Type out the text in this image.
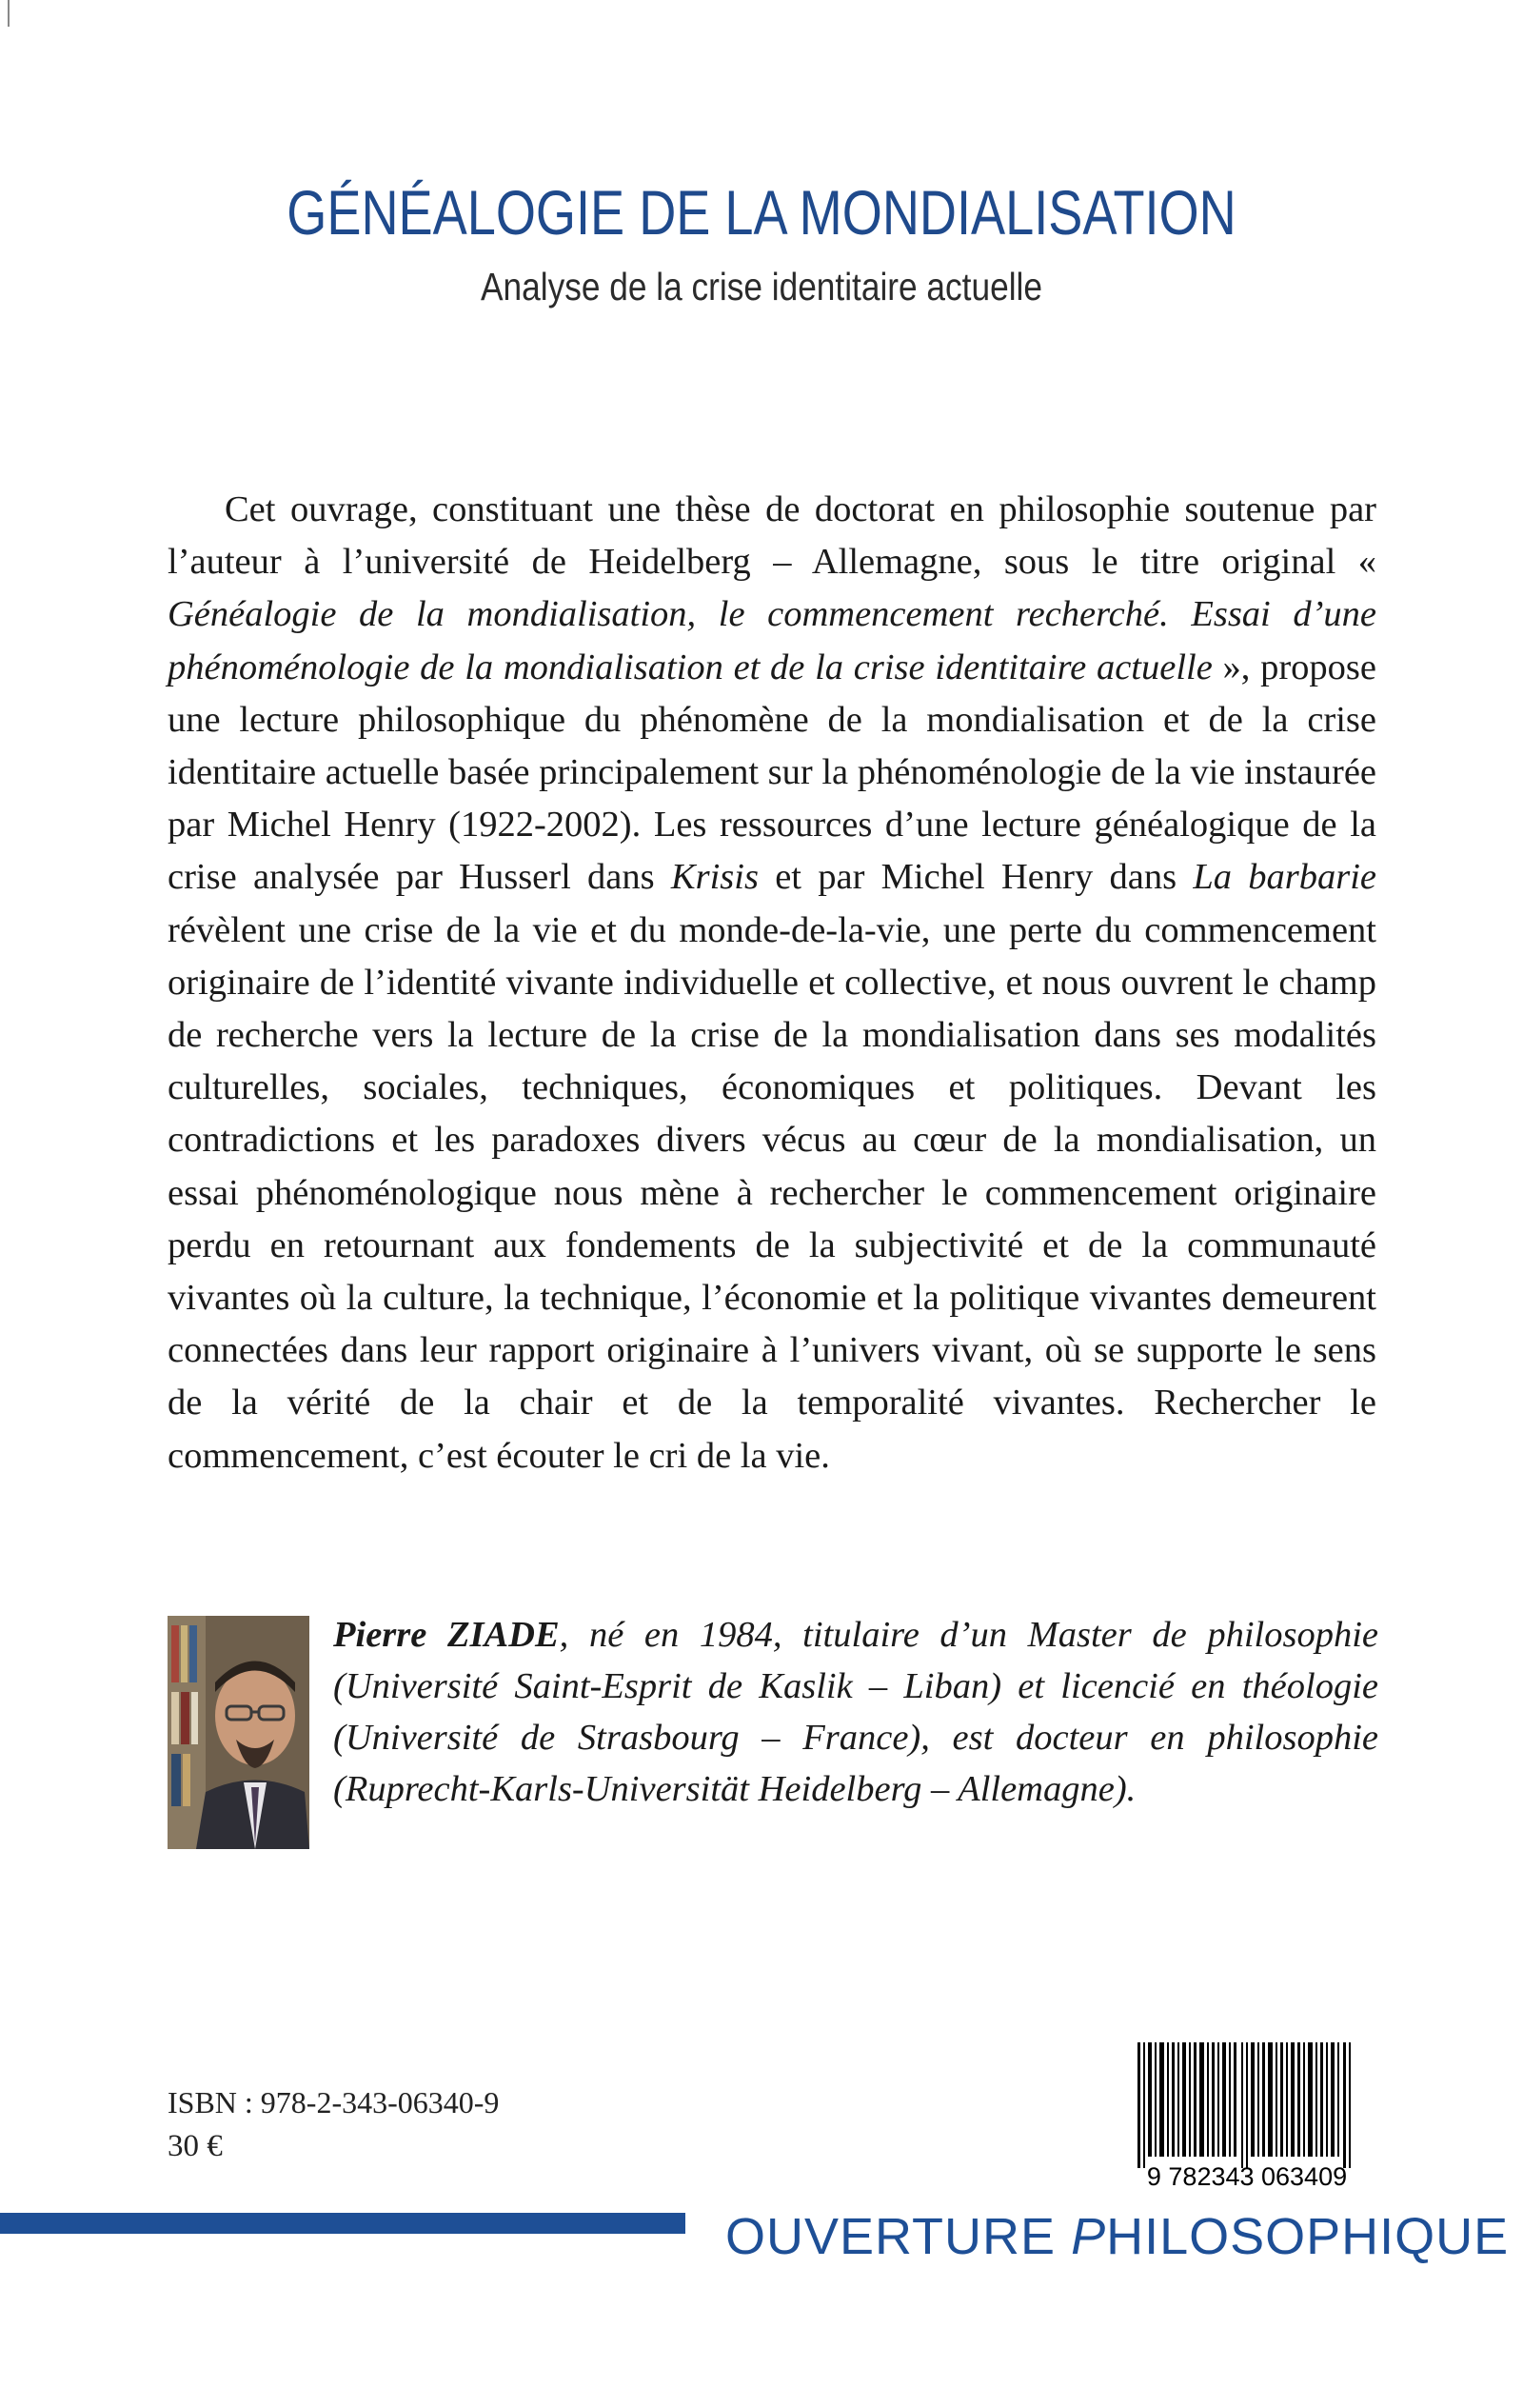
GÉNÉALOGIE DE LA MONDIALISATION
Analyse de la crise identitaire actuelle

Cet ouvrage, constituant une thèse de doctorat en philosophie soutenue par l’auteur à l’université de Heidelberg – Allemagne, sous le titre original « Généalogie de la mondialisation, le commencement recherché. Essai d’une phénoménologie de la mondialisation et de la crise identitaire actuelle », propose une lecture philosophique du phénomène de la mondialisation et de la crise identitaire actuelle basée principalement sur la phénoménologie de la vie instaurée par Michel Henry (1922-2002). Les ressources d’une lecture généalogique de la crise analysée par Husserl dans Krisis et par Michel Henry dans La barbarie révèlent une crise de la vie et du monde-de-la-vie, une perte du commencement originaire de l’identité vivante individuelle et collective, et nous ouvrent le champ de recherche vers la lecture de la crise de la mondialisation dans ses modalités culturelles, sociales, techniques, économiques et politiques. Devant les contradictions et les paradoxes divers vécus au cœur de la mondialisation, un essai phénoménologique nous mène à rechercher le commencement originaire perdu en retournant aux fondements de la subjectivité et de la communauté vivantes où la culture, la technique, l’économie et la politique vivantes demeurent connectées dans leur rapport originaire à l’univers vivant, où se supporte le sens de la vérité de la chair et de la temporalité vivantes. Rechercher le commencement, c’est écouter le cri de la vie.

Pierre ZIADE, né en 1984, titulaire d’un Master de philosophie (Université Saint-Esprit de Kaslik – Liban) et licencié en théologie (Université de Strasbourg – France), est docteur en philosophie (Ruprecht-Karls-Universität Heidelberg – Allemagne).
ISBN : 978-2-343-06340-9
30 €
9 782343 063409
OUVERTURE PHILOSOPHIQUE
